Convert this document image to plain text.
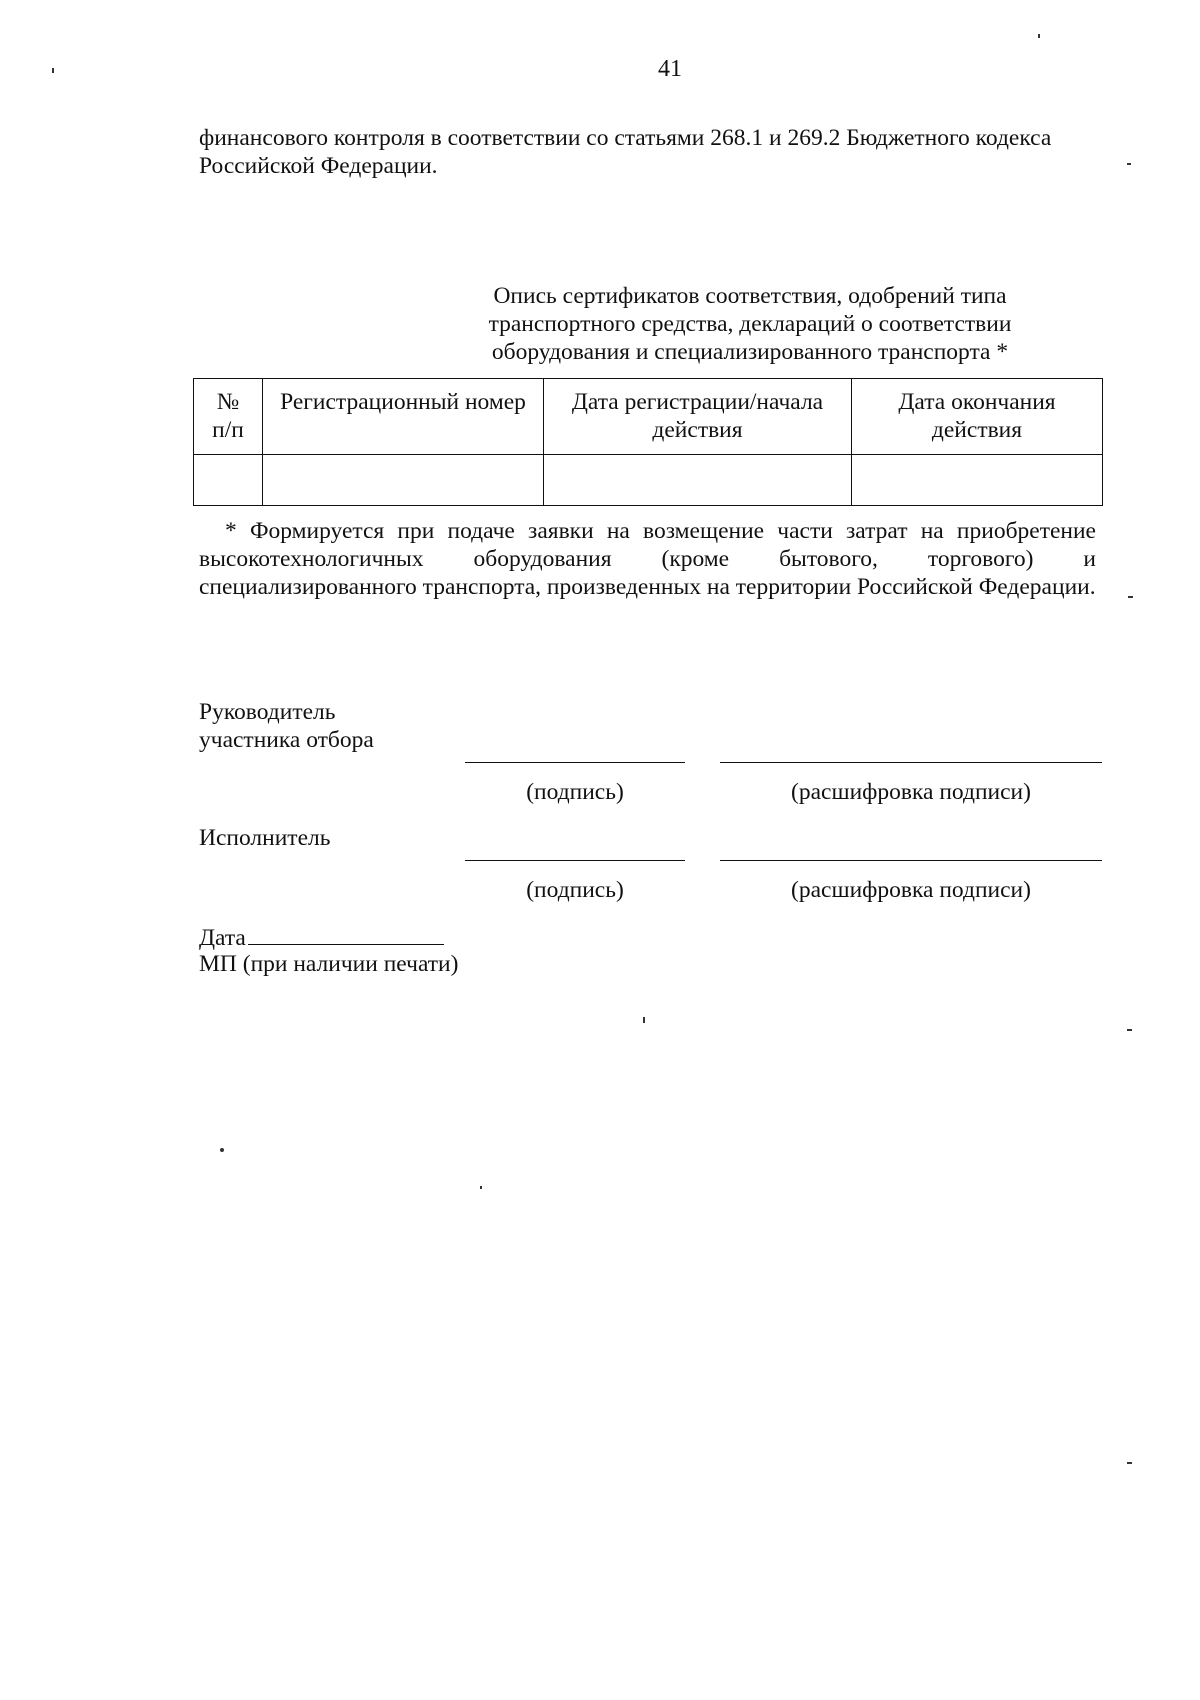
41
финансового контроля в соответствии со статьями 268.1 и 269.2 Бюджетного кодекса Российской Федерации.
Опись сертификатов соответствия, одобрений типа
транспортного средства, деклараций о соответствии
оборудования и специализированного транспорта *
№
п/п	Регистрационный номер	Дата регистрации/начала действия	Дата окончания действия

* Формируется при подаче заявки на возмещение части затрат на приобретение высокотехнологичных оборудования (кроме бытового, торгового) и специализированного транспорта, произведенных на территории Российской Федерации.
Руководитель
участника отбора
(подпись)	(расшифровка подписи)
Исполнитель
(подпись)	(расшифровка подписи)
Дата
МП (при наличии печати)
